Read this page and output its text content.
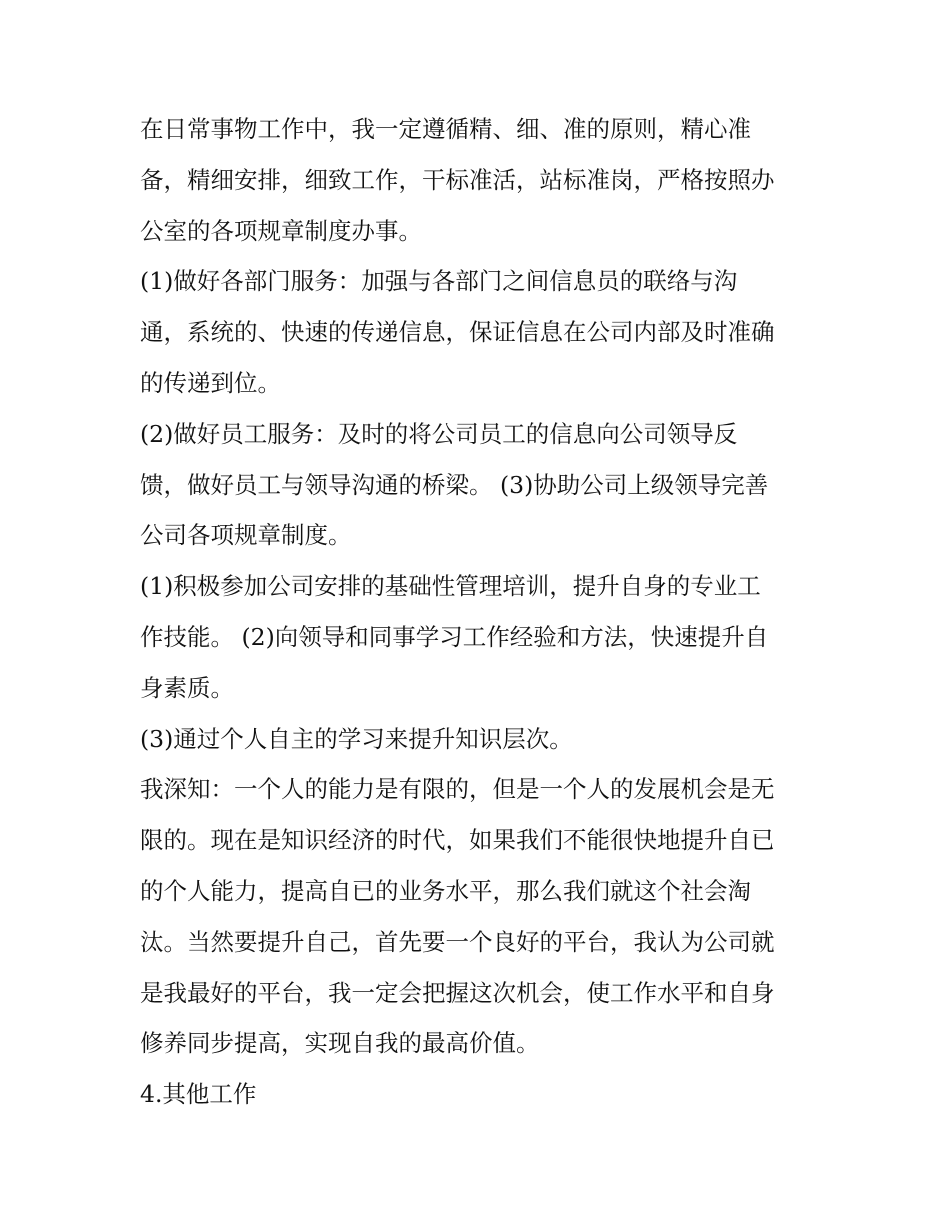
在日常事物工作中，我一定遵循精、细、准的原则，精心准
备，精细安排，细致工作，干标准活，站标准岗，严格按照办
公室的各项规章制度办事。
(1)做好各部门服务：加强与各部门之间信息员的联络与沟
通，系统的、快速的传递信息，保证信息在公司内部及时准确
的传递到位。
(2)做好员工服务：及时的将公司员工的信息向公司领导反
馈，做好员工与领导沟通的桥梁。 (3)协助公司上级领导完善
公司各项规章制度。
(1)积极参加公司安排的基础性管理培训，提升自身的专业工
作技能。 (2)向领导和同事学习工作经验和方法，快速提升自
身素质。
(3)通过个人自主的学习来提升知识层次。
我深知：一个人的能力是有限的，但是一个人的发展机会是无
限的。现在是知识经济的时代，如果我们不能很快地提升自已
的个人能力，提高自已的业务水平，那么我们就这个社会淘
汰。当然要提升自己，首先要一个良好的平台，我认为公司就
是我最好的平台，我一定会把握这次机会，使工作水平和自身
修养同步提高，实现自我的最高价值。
4.其他工作
